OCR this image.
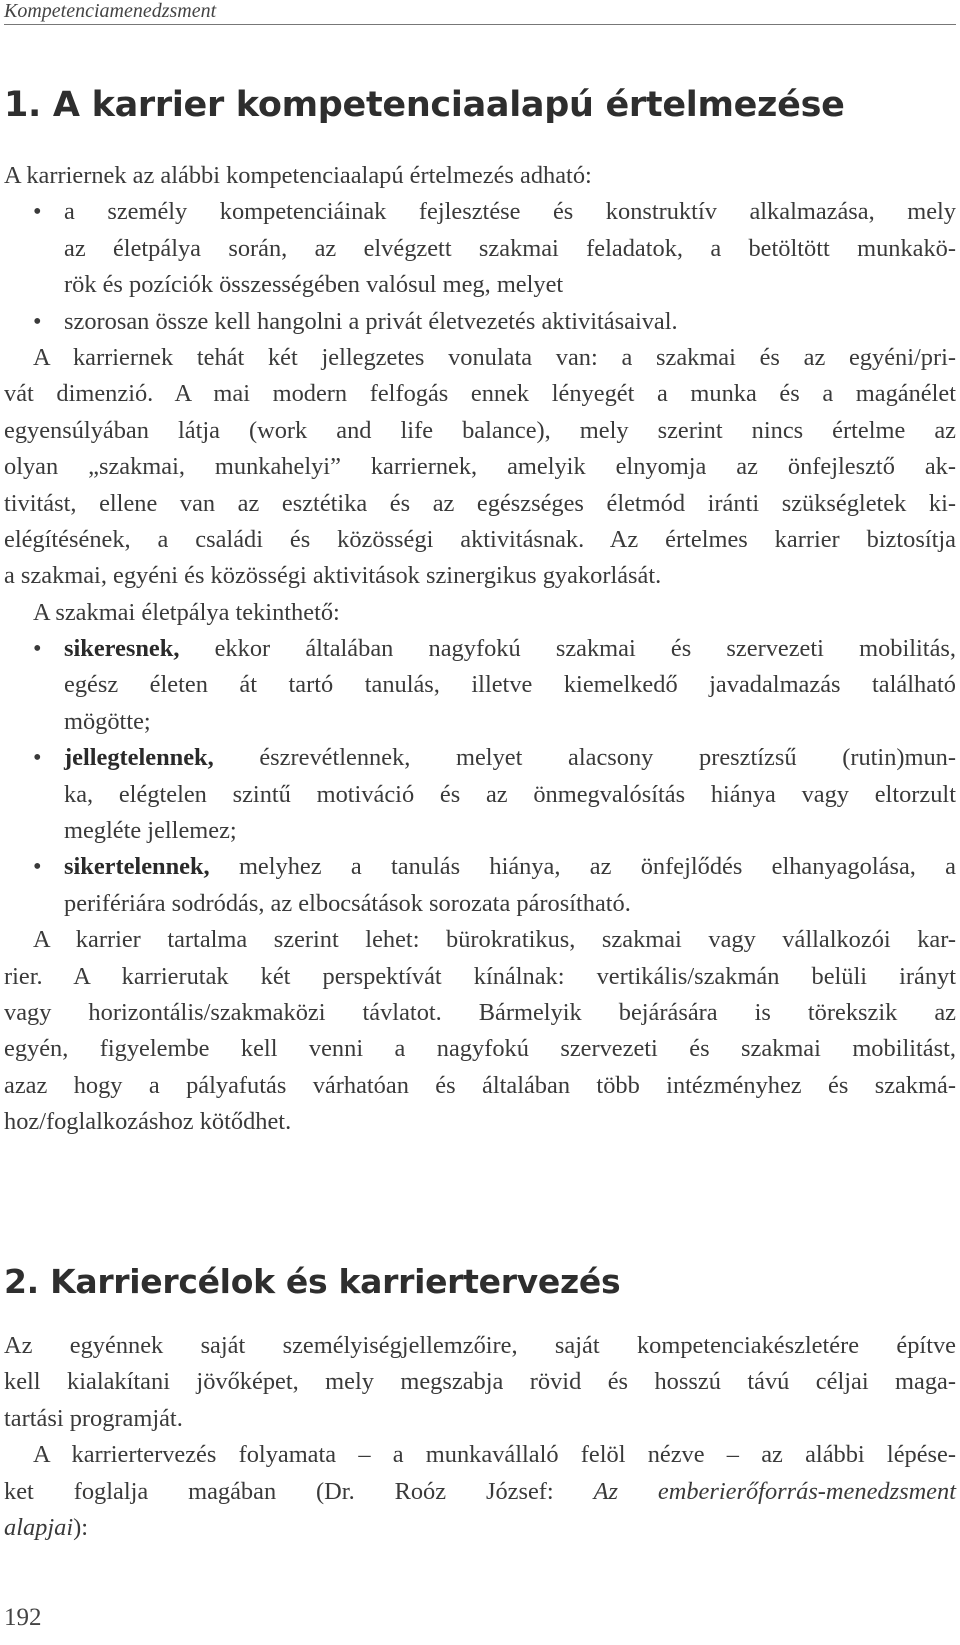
Kompetenciamenedzsment
1. A karrier kompetenciaalapú értelmezése
A karriernek az alábbi kompetenciaalapú értelmezés adható:
• a személy kompetenciáinak fejlesztése és konstruktív alkalmazása, mely
az életpálya során, az elvégzett szakmai feladatok, a betöltött munkakö-
rök és pozíciók összességében valósul meg, melyet
• szorosan össze kell hangolni a privát életvezetés aktivitásaival.
A karriernek tehát két jellegzetes vonulata van: a szakmai és az egyéni/pri-
vát dimenzió. A mai modern felfogás ennek lényegét a munka és a magánélet
egyensúlyában látja (work and life balance), mely szerint nincs értelme az
olyan „szakmai, munkahelyi” karriernek, amelyik elnyomja az önfejlesztő ak-
tivitást, ellene van az esztétika és az egészséges életmód iránti szükségletek ki-
elégítésének, a családi és közösségi aktivitásnak. Az értelmes karrier biztosítja
a szakmai, egyéni és közösségi aktivitások szinergikus gyakorlását.
A szakmai életpálya tekinthető:
• sikeresnek, ekkor általában nagyfokú szakmai és szervezeti mobilitás,
egész életen át tartó tanulás, illetve kiemelkedő javadalmazás található
mögötte;
• jellegtelennek, észrevétlennek, melyet alacsony presztízsű (rutin)mun-
ka, elégtelen szintű motiváció és az önmegvalósítás hiánya vagy eltorzult
megléte jellemez;
• sikertelennek, melyhez a tanulás hiánya, az önfejlődés elhanyagolása, a
perifériára sodródás, az elbocsátások sorozata párosítható.
A karrier tartalma szerint lehet: bürokratikus, szakmai vagy vállalkozói kar-
rier. A karrierutak két perspektívát kínálnak: vertikális/szakmán belüli irányt
vagy horizontális/szakmaközi távlatot. Bármelyik bejárására is törekszik az
egyén, figyelembe kell venni a nagyfokú szervezeti és szakmai mobilitást,
azaz hogy a pályafutás várhatóan és általában több intézményhez és szakmá-
hoz/foglalkozáshoz kötődhet.
2. Karriercélok és karriertervezés
Az egyénnek saját személyiségjellemzőire, saját kompetenciakészletére építve
kell kialakítani jövőképet, mely megszabja rövid és hosszú távú céljai maga-
tartási programját.
A karriertervezés folyamata – a munkavállaló felöl nézve – az alábbi lépése-
ket foglalja magában (Dr. Roóz József: Az emberierőforrás-menedzsment
alapjai):
192
